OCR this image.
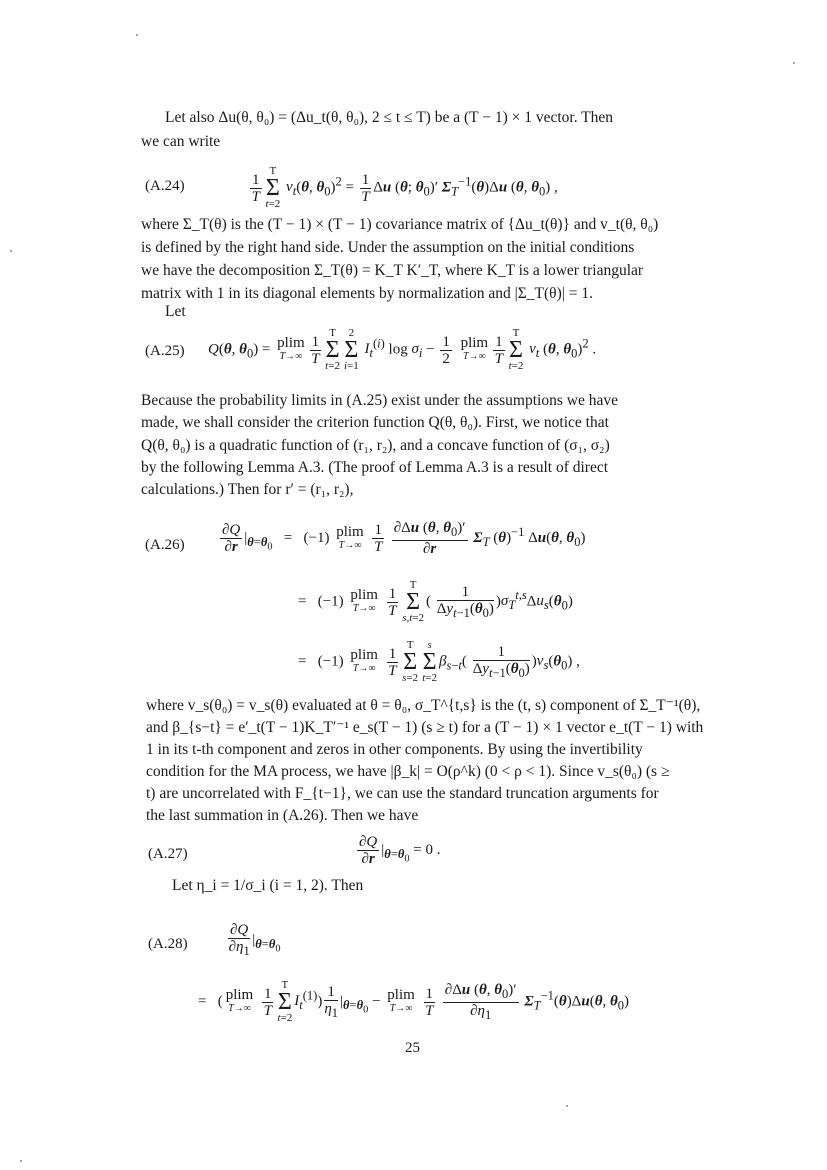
Let also Δu(θ, θ₀) = (Δu_t(θ, θ₀), 2 ≤ t ≤ T) be a (T − 1) × 1 vector. Then
we can write
(A.24)	$\frac{1}{T}$
T
Σ
t=2 $v_t(\theta$, $\theta_0)^2 = \frac{1}{T}$ Δu (θ; $\theta_0)'$ $\Sigma_T^{-1}(\theta)\Delta u$ (θ, $\theta_0$) ,
where Σ_T(θ) is the (T − 1) × (T − 1) covariance matrix of {Δu_t(θ)} and v_t(θ, θ₀)
is defined by the right hand side. Under the assumption on the initial conditions
we have the decomposition Σ_T(θ) = K_T K′_T, where K_T is a lower triangular
matrix with 1 in its diagonal elements by normalization and |Σ_T(θ)| = 1.
Let
(A.25) Q(θ, $\theta_0) = plim$
$T\to\infty \frac{1}{T}$
T
Σ
t=22
Σ
i=1 $I_t^{(i)}$ $\log \sigma_i - \frac{1}{2}$ plim
$T\to\infty \frac{1}{T}$
T
Σ
t=2 $v_t$ (θ, $\theta_0)^2$ .
Because the probability limits in (A.25) exist under the assumptions we have
made, we shall consider the criterion function Q(θ, θ₀). First, we notice that
Q(θ, θ₀) is a quadratic function of (r₁, r₂), and a concave function of (σ₁, σ₂)
by the following Lemma A.3. (The proof of Lemma A.3 is a result of direct
calculations.) Then for r′ = (r₁, r₂),
$(A.26) \frac{\partial Q}{\partial r} |_{\theta=\theta_0} = (-1)$ plim
T→∞
$\frac{1}{T}$
$\frac{\partial\Delta u (\theta, \theta_0)'}{\partial r} \Sigma_T$ $(\theta)^{-1}$ Δu(θ, $\theta_0$)
=   (−1) plim
T→∞
$\frac{1}{T}$
T
Σ
$s,t=2( \frac{1}{\Delta y_{t-1}(\theta_0)} )\sigma_T^{t,s}\Delta u_s(\theta_0)$
=   (−1) plim
T→∞
$\frac{1}{T}$
T
Σ
s=2s
Σ
$t=2\beta_{s-t}( \frac{1}{\Delta y_{t-1}(\theta_0)} )v_s(\theta_0)$ ,
where v_s(θ₀) = v_s(θ) evaluated at θ = θ₀, σ_T^{t,s} is the (t, s) component of Σ_T⁻¹(θ),
and β_{s−t} = e′_t(T − 1)K_T′⁻¹ e_s(T − 1) (s ≥ t) for a (T − 1) × 1 vector e_t(T − 1) with
1 in its t-th component and zeros in other components. By using the invertibility
condition for the MA process, we have |β_k| = O(ρ^k) (0 < ρ < 1). Since v_s(θ₀) (s ≥
t) are uncorrelated with F_{t−1}, we can use the standard truncation arguments for
the last summation in (A.26). Then we have
(A.27)	$\frac{\partial Q}{\partial r} |_{\theta=\theta_0} = 0$ .
Let η_i = 1/σ_i (i = 1, 2). Then
(A.28)	$\frac{\partial Q}{\partial\eta_1} |_{\theta=\theta_0}$
=   ( plim
T→∞
$\frac{1}{T}$
T
Σ
$t=2I_t^{(1)}) \frac{1}{\eta_1} |_{\theta=\theta_0} - plim$
T→∞
$\frac{1}{T}$
$\frac{\partial\Delta u (\theta, \theta_0)'}{\partial\eta_1} \Sigma_T^{-1}(\theta)\Delta u(\theta$, $\theta_0$)
25
